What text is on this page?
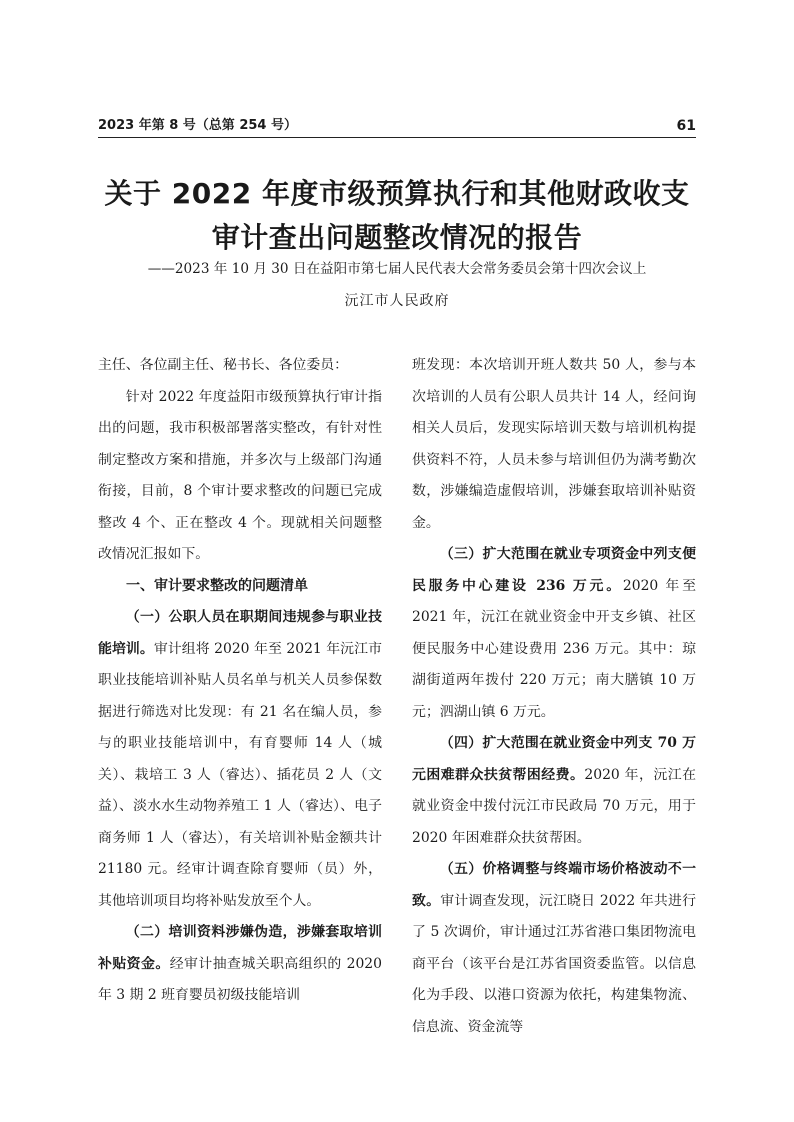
2023 年第 8 号（总第 254 号）	61
关于 2022 年度市级预算执行和其他财政收支
审计查出问题整改情况的报告
——2023 年 10 月 30 日在益阳市第七届人民代表大会常务委员会第十四次会议上
沅江市人民政府

主任、各位副主任、秘书长、各位委员：

针对 2022 年度益阳市级预算执行审计指出的问题，我市积极部署落实整改，有针对性制定整改方案和措施，并多次与上级部门沟通衔接，目前，8 个审计要求整改的问题已完成整改 4 个、正在整改 4 个。现就相关问题整改情况汇报如下。

一、审计要求整改的问题清单

（一）公职人员在职期间违规参与职业技能培训。审计组将 2020 年至 2021 年沅江市职业技能培训补贴人员名单与机关人员参保数据进行筛选对比发现：有 21 名在编人员，参与的职业技能培训中，有育婴师 14 人（城关）、栽培工 3 人（睿达）、插花员 2 人（文益）、淡水水生动物养殖工 1 人（睿达）、电子商务师 1 人（睿达），有关培训补贴金额共计 21180 元。经审计调查除育婴师（员）外，其他培训项目均将补贴发放至个人。

（二）培训资料涉嫌伪造，涉嫌套取培训补贴资金。经审计抽查城关职高组织的 2020 年 3 期 2 班育婴员初级技能培训

班发现：本次培训开班人数共 50 人，参与本次培训的人员有公职人员共计 14 人，经问询相关人员后，发现实际培训天数与培训机构提供资料不符，人员未参与培训但仍为满考勤次数，涉嫌编造虚假培训，涉嫌套取培训补贴资金。

（三）扩大范围在就业专项资金中列支便民服务中心建设 236 万元。2020 年至 2021 年，沅江在就业资金中开支乡镇、社区便民服务中心建设费用 236 万元。其中：琼湖街道两年拨付 220 万元；南大膳镇 10 万元；泗湖山镇 6 万元。

（四）扩大范围在就业资金中列支 70 万元困难群众扶贫帮困经费。2020 年，沅江在就业资金中拨付沅江市民政局 70 万元，用于 2020 年困难群众扶贫帮困。

（五）价格调整与终端市场价格波动不一致。审计调查发现，沅江晓日 2022 年共进行了 5 次调价，审计通过江苏省港口集团物流电商平台（该平台是江苏省国资委监管。以信息化为手段、以港口资源为依托，构建集物流、信息流、资金流等
